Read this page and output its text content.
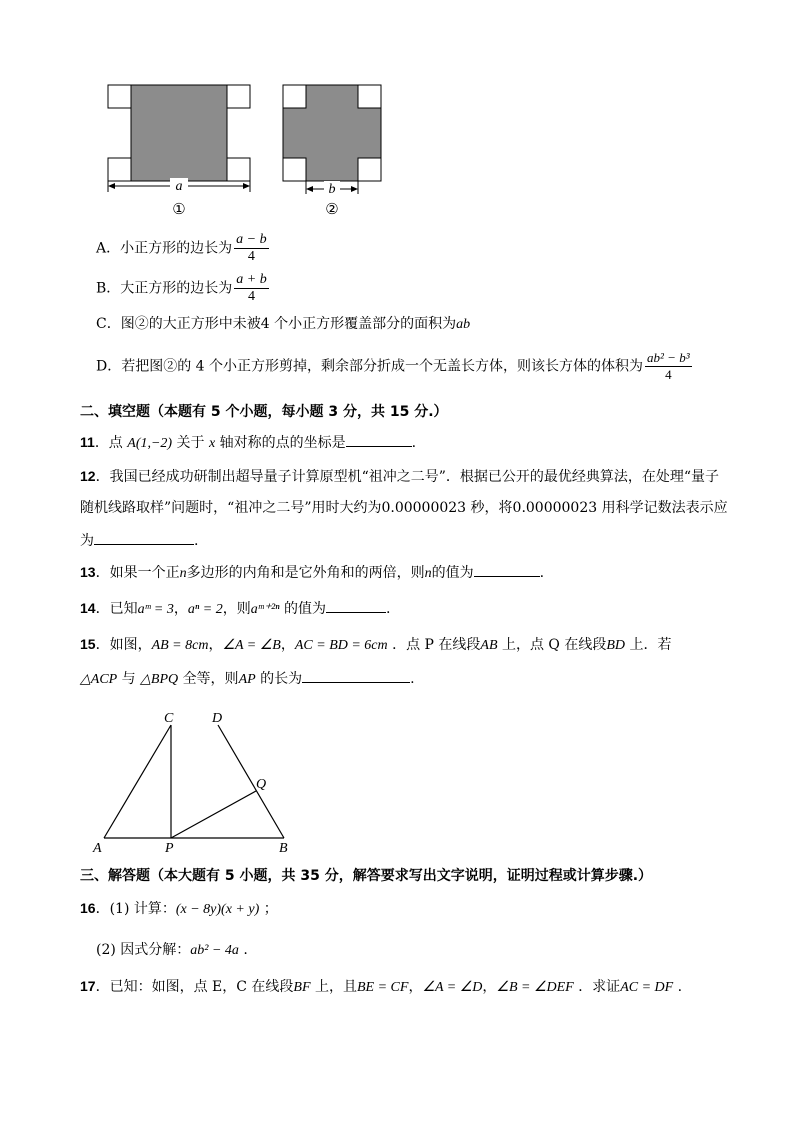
a
①
b
②
A．小正方形的边长为 $\frac{a - b}{4}$
B．大正方形的边长为 $\frac{a + b}{4}$
C．图②的大正方形中未被4 个小正方形覆盖部分的面积为ab
D．若把图②的 4 个小正方形剪掉，剩余部分折成一个无盖长方体，则该长方体的体积为 $\frac{\text{ab² − b³}}{4}$
二、填空题（本题有 5 个小题，每小题 3 分，共 15 分.）
11．点 A(1,−2) 关于 x 轴对称的点的坐标是	.
12．我国已经成功研制出超导量子计算原型机“祖冲之二号”．根据已公开的最优经典算法，在处理“量子
随机线路取样”问题时，“祖冲之二号”用时大约为0.00000023 秒，将0.00000023 用科学记数法表示应
为	.
13．如果一个正n多边形的内角和是它外角和的两倍，则n的值为	.
14．已知aᵐ = 3，aⁿ = 2，则aᵐ⁺²ⁿ 的值为	.
15．如图，AB = 8cm，∠A = ∠B，AC = BD = 6cm ．点 P 在线段AB 上，点 Q 在线段BD 上．若
△ACP 与 △BPQ 全等，则AP 的长为	.
C	D
Q
A	P	B
三、解答题（本大题有 5 小题，共 35 分，解答要求写出文字说明，证明过程或计算步骤.）
16．(1) 计算：(x − 8y)(x + y) ；
(2) 因式分解：ab² − 4a .
17．已知：如图，点 E，C 在线段BF 上，且BE = CF，∠A = ∠D，∠B = ∠DEF ．求证AC = DF .
